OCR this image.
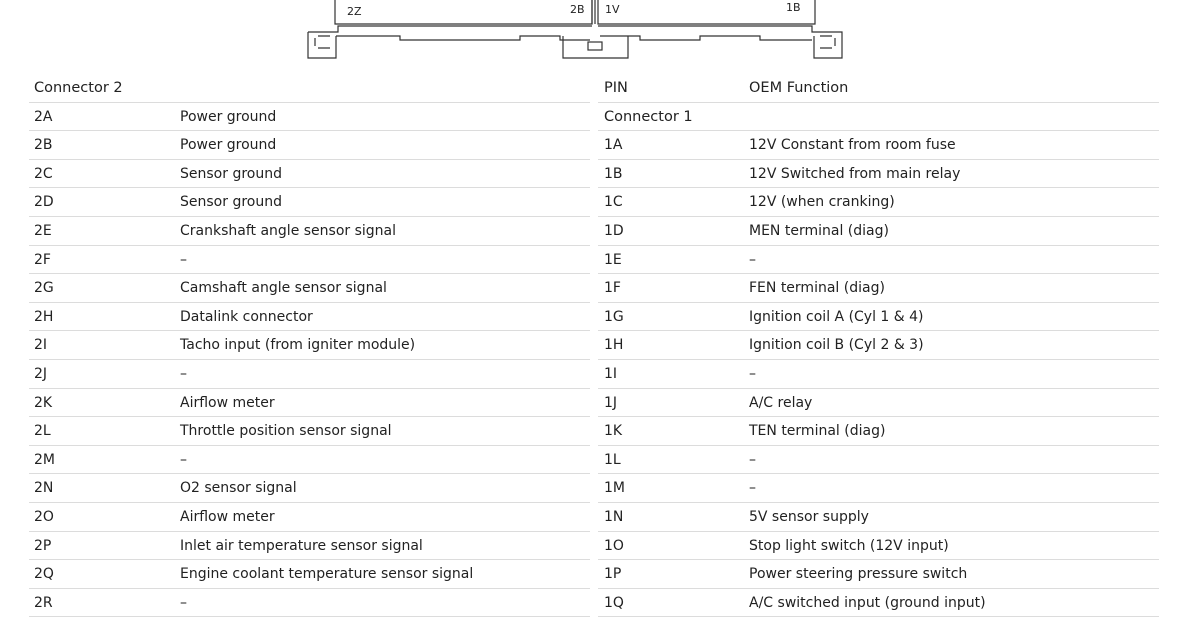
2Z	2B 1V	1B
Connector 2
2A	Power ground
2B	Power ground
2C	Sensor ground
2D	Sensor ground
2E	Crankshaft angle sensor signal
2F	–
2G	Camshaft angle sensor signal
2H	Datalink connector
2I	Tacho input (from igniter module)
2J	–
2K	Airflow meter
2L	Throttle position sensor signal
2M	–
2N	O2 sensor signal
2O	Airflow meter
2P	Inlet air temperature sensor signal
2Q	Engine coolant temperature sensor signal
2R	–
PIN	OEM Function
Connector 1
1A	12V Constant from room fuse
1B	12V Switched from main relay
1C	12V (when cranking)
1D	MEN terminal (diag)
1E	–
1F	FEN terminal (diag)
1G	Ignition coil A (Cyl 1 & 4)
1H	Ignition coil B (Cyl 2 & 3)
1I	–
1J	A/C relay
1K	TEN terminal (diag)
1L	–
1M	–
1N	5V sensor supply
1O	Stop light switch (12V input)
1P	Power steering pressure switch
1Q	A/C switched input (ground input)
